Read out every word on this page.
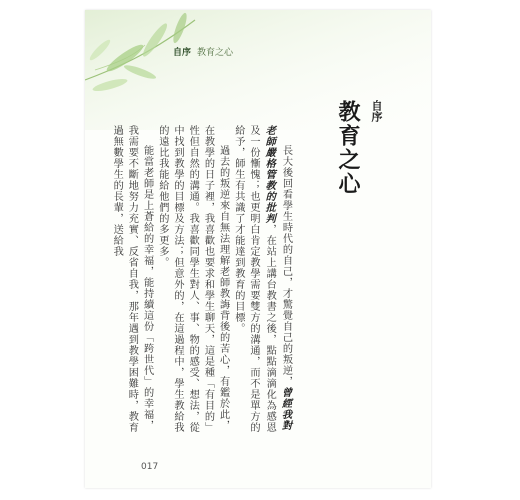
自序 教育之心
自序
教育之心

長大後回看學生時代的自己，才驚覺自己的叛逆，曾經我對老師嚴格管教的批判，在站上講台教書之後，點點滴滴化為感恩及一份慚愧；也更明白肯定教學需要雙方的溝通，而不是單方的給予，師生有共識了才能達到教育的目標。

過去的叛逆來自無法理解老師教誨背後的苦心，有鑑於此，在教學的日子裡，我喜歡也要求和學生聊天，這是種「有目的」性但自然的溝通。我喜歡同學生對人、事、物的感受、想法，從中找到教學的目標及方法；但意外的，在這過程中，學生教給我的遠比我能給他們的多更多。

能當老師是上蒼給的幸福，能持續這份「跨世代」的幸福，我需要不斷地努力充實、反省自我，那年遇到教學困難時，教育過無數學生的長輩，送給我

017
